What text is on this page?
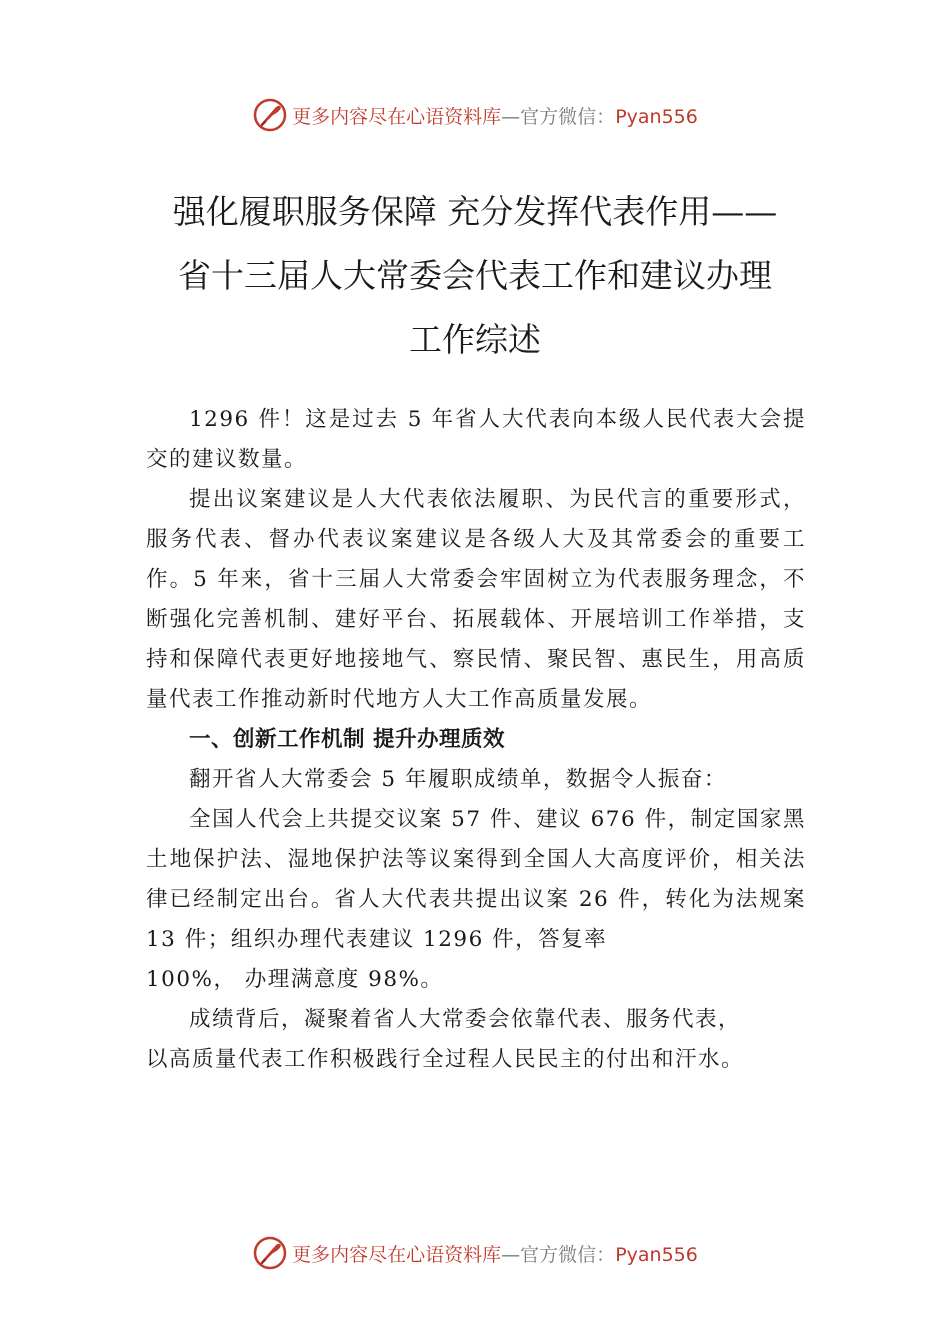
更多内容尽在心语资料库—官方微信：Pyan556
强化履职服务保障 充分发挥代表作用——
省十三届人大常委会代表工作和建议办理
工作综述

1296 件！这是过去 5 年省人大代表向本级人民代表大会提交的建议数量。

提出议案建议是人大代表依法履职、为民代言的重要形式，服务代表、督办代表议案建议是各级人大及其常委会的重要工作。5 年来，省十三届人大常委会牢固树立为代表服务理念，不断强化完善机制、建好平台、拓展载体、开展培训工作举措，支持和保障代表更好地接地气、察民情、聚民智、惠民生，用高质量代表工作推动新时代地方人大工作高质量发展。

一、创新工作机制 提升办理质效

翻开省人大常委会 5 年履职成绩单，数据令人振奋：

全国人代会上共提交议案 57 件、建议 676 件，制定国家黑土地保护法、湿地保护法等议案得到全国人大高度评价，相关法律已经制定出台。省人大代表共提出议案 26 件，转化为法规案 13 件；组织办理代表建议 1296 件，答复率

100%， 办理满意度 98%。

成绩背后，凝聚着省人大常委会依靠代表、服务代表，

以高质量代表工作积极践行全过程人民民主的付出和汗水。

更多内容尽在心语资料库—官方微信：Pyan556
